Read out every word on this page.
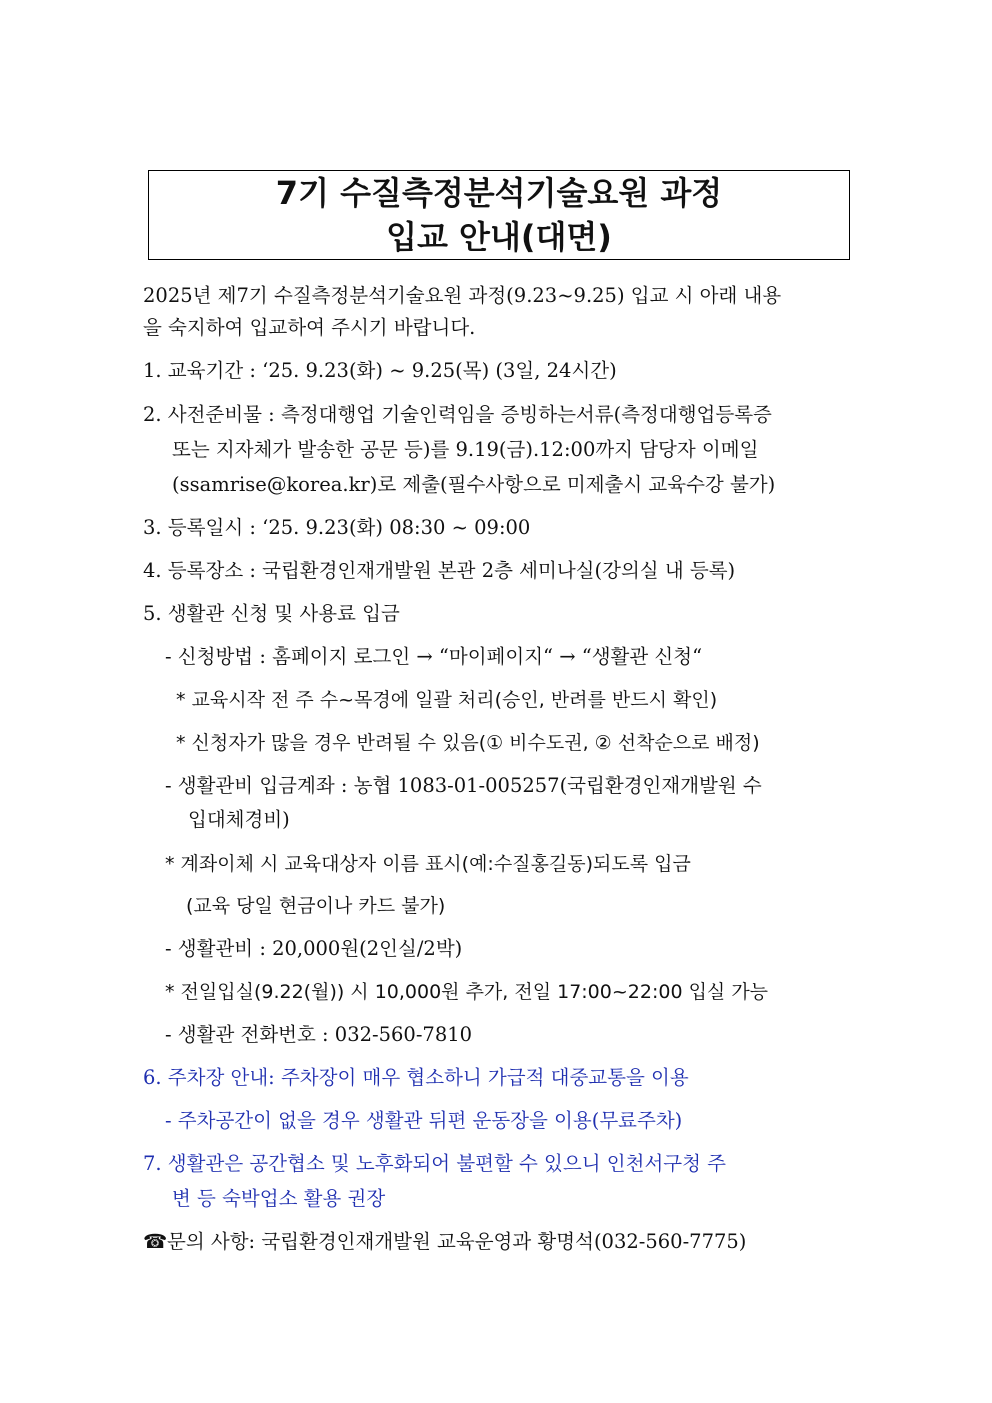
7기 수질측정분석기술요원 과정
입교 안내(대면)
2025년 제7기 수질측정분석기술요원 과정(9.23~9.25) 입교 시 아래 내용
을 숙지하여 입교하여 주시기 바랍니다.
1. 교육기간 : ‘25. 9.23(화) ~ 9.25(목) (3일, 24시간)
2. 사전준비물 : 측정대행업 기술인력임을 증빙하는서류(측정대행업등록증
또는 지자체가 발송한 공문 등)를 9.19(금).12:00까지 담당자 이메일
(ssamrise@korea.kr)로 제출(필수사항으로 미제출시 교육수강 불가)
3. 등록일시 : ‘25. 9.23(화) 08:30 ~ 09:00
4. 등록장소 : 국립환경인재개발원 본관 2층 세미나실(강의실 내 등록)
5. 생활관 신청 및 사용료 입금
- 신청방법 : 홈페이지 로그인 → “마이페이지“ → “생활관 신청“
* 교육시작 전 주 수~목경에 일괄 처리(승인, 반려를 반드시 확인)
* 신청자가 많을 경우 반려될 수 있음(① 비수도권, ② 선착순으로 배정)
- 생활관비 입금계좌 : 농협 1083-01-005257(국립환경인재개발원 수
입대체경비)
* 계좌이체 시 교육대상자 이름 표시(예:수질홍길동)되도록 입금
(교육 당일 현금이나 카드 불가)
- 생활관비 : 20,000원(2인실/2박)
* 전일입실(9.22(월)) 시 10,000원 추가, 전일 17:00~22:00 입실 가능
- 생활관 전화번호 : 032-560-7810
6. 주차장 안내: 주차장이 매우 협소하니 가급적 대중교통을 이용
- 주차공간이 없을 경우 생활관 뒤편 운동장을 이용(무료주차)
7. 생활관은 공간협소 및 노후화되어 불편할 수 있으니 인천서구청 주
변 등 숙박업소 활용 권장
☎문의 사항: 국립환경인재개발원 교육운영과 황명석(032-560-7775)
